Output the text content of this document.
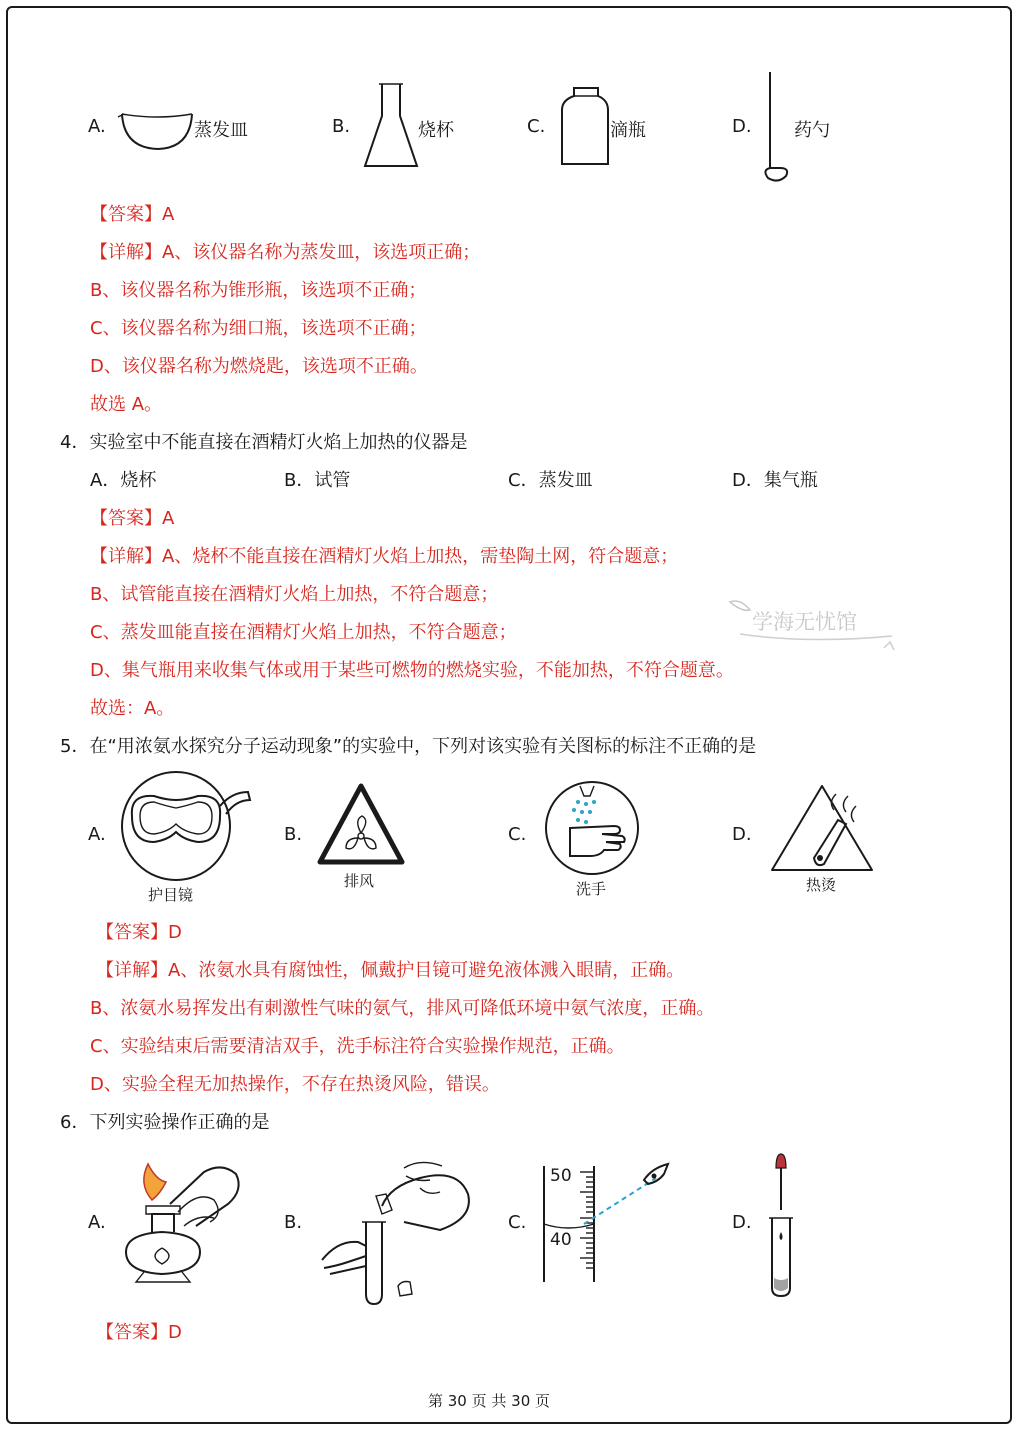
A.	蒸发皿	B.	烧杯	C.	滴瓶	D. 药勺
【答案】A
【详解】A、该仪器名称为蒸发皿，该选项正确；
B、该仪器名称为锥形瓶，该选项不正确；
C、该仪器名称为细口瓶，该选项不正确；
D、该仪器名称为燃烧匙，该选项不正确。
故选 A。
4．实验室中不能直接在酒精灯火焰上加热的仪器是
A．烧杯	B．试管	C．蒸发皿	D．集气瓶
【答案】A
【详解】A、烧杯不能直接在酒精灯火焰上加热，需垫陶土网，符合题意；
B、试管能直接在酒精灯火焰上加热，不符合题意；
C、蒸发皿能直接在酒精灯火焰上加热，不符合题意；
D、集气瓶用来收集气体或用于某些可燃物的燃烧实验，不能加热，不符合题意。
故选：A。
学海无忧馆
5．在“用浓氨水探究分子运动现象”的实验中，下列对该实验有关图标的标注不正确的是
A.
护目镜
B.
排风
C.
洗手
D.
热烫
【答案】D
【详解】A、浓氨水具有腐蚀性，佩戴护目镜可避免液体溅入眼睛，正确。
B、浓氨水易挥发出有刺激性气味的氨气，排风可降低环境中氨气浓度，正确。
C、实验结束后需要清洁双手，洗手标注符合实验操作规范，正确。
D、实验全程无加热操作，不存在热烫风险，错误。
6．下列实验操作正确的是
A.	B.	C.
50
40
D.
【答案】D
第 30 页 共 30 页
